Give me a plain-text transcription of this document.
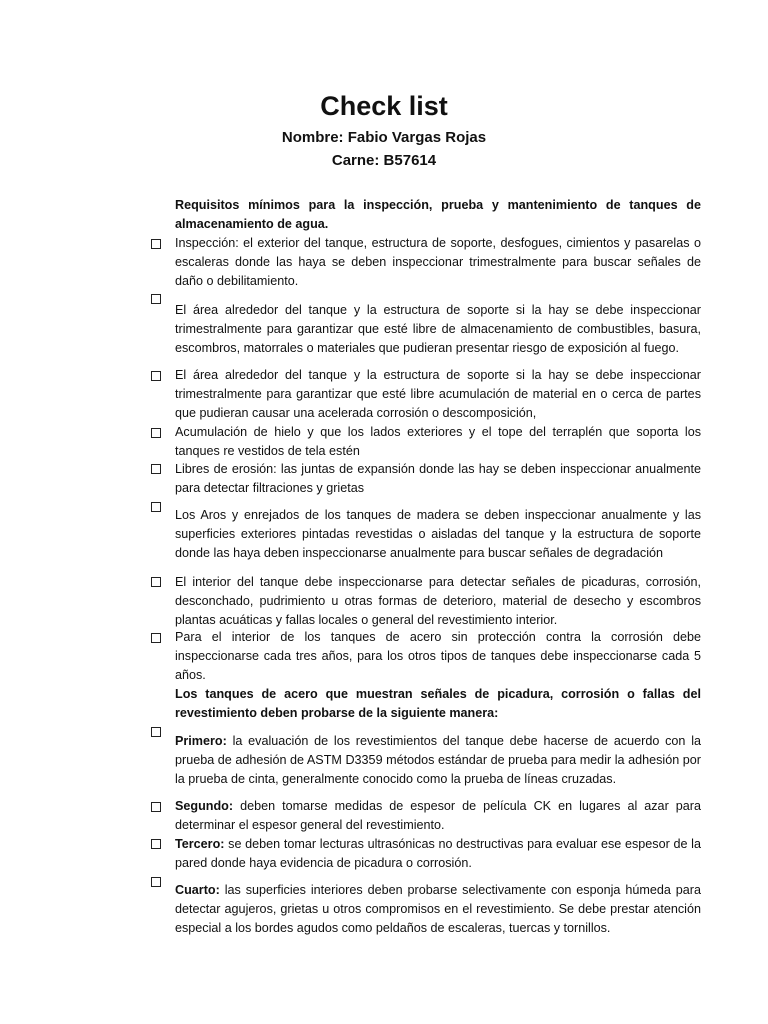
Check list
Nombre: Fabio Vargas Rojas
Carne: B57614
Requisitos mínimos para la inspección, prueba y mantenimiento de tanques de almacenamiento de agua.
Inspección: el exterior del tanque, estructura de soporte, desfogues, cimientos y pasarelas o escaleras donde las haya se deben inspeccionar trimestralmente para buscar señales de daño o debilitamiento.
El área alrededor del tanque y la estructura de soporte si la hay se debe inspeccionar trimestralmente para garantizar que esté libre de almacenamiento de combustibles, basura, escombros, matorrales o materiales que pudieran presentar riesgo de exposición al fuego.
El área alrededor del tanque y la estructura de soporte si la hay se debe inspeccionar trimestralmente para garantizar que esté libre acumulación de material en o cerca de partes que pudieran causar una acelerada corrosión o descomposición,
Acumulación de hielo y que los lados exteriores y el tope del terraplén que soporta los tanques re vestidos de tela estén
Libres de erosión: las juntas de expansión donde las hay se deben inspeccionar anualmente para detectar filtraciones y grietas
Los Aros y enrejados de los tanques de madera se deben inspeccionar anualmente y las superficies exteriores pintadas revestidas o aisladas del tanque y la estructura de soporte donde las haya deben inspeccionarse anualmente para buscar señales de degradación
El interior del tanque debe inspeccionarse para detectar señales de picaduras, corrosión, desconchado, pudrimiento u otras formas de deterioro, material de desecho y escombros plantas acuáticas y fallas locales o general del revestimiento interior.
Para el interior de los tanques de acero sin protección contra la corrosión debe inspeccionarse cada tres años, para los otros tipos de tanques debe inspeccionarse cada 5 años.
Los tanques de acero que muestran señales de picadura, corrosión o fallas del revestimiento deben probarse de la siguiente manera:
Primero: la evaluación de los revestimientos del tanque debe hacerse de acuerdo con la prueba de adhesión de ASTM D3359 métodos estándar de prueba para medir la adhesión por la prueba de cinta, generalmente conocido como la prueba de líneas cruzadas.
Segundo: deben tomarse medidas de espesor de película CK en lugares al azar para determinar el espesor general del revestimiento.
Tercero: se deben tomar lecturas ultrasónicas no destructivas para evaluar ese espesor de la pared donde haya evidencia de picadura o corrosión.
Cuarto: las superficies interiores deben probarse selectivamente con esponja húmeda para detectar agujeros, grietas u otros compromisos en el revestimiento. Se debe prestar atención especial a los bordes agudos como peldaños de escaleras, tuercas y tornillos.
